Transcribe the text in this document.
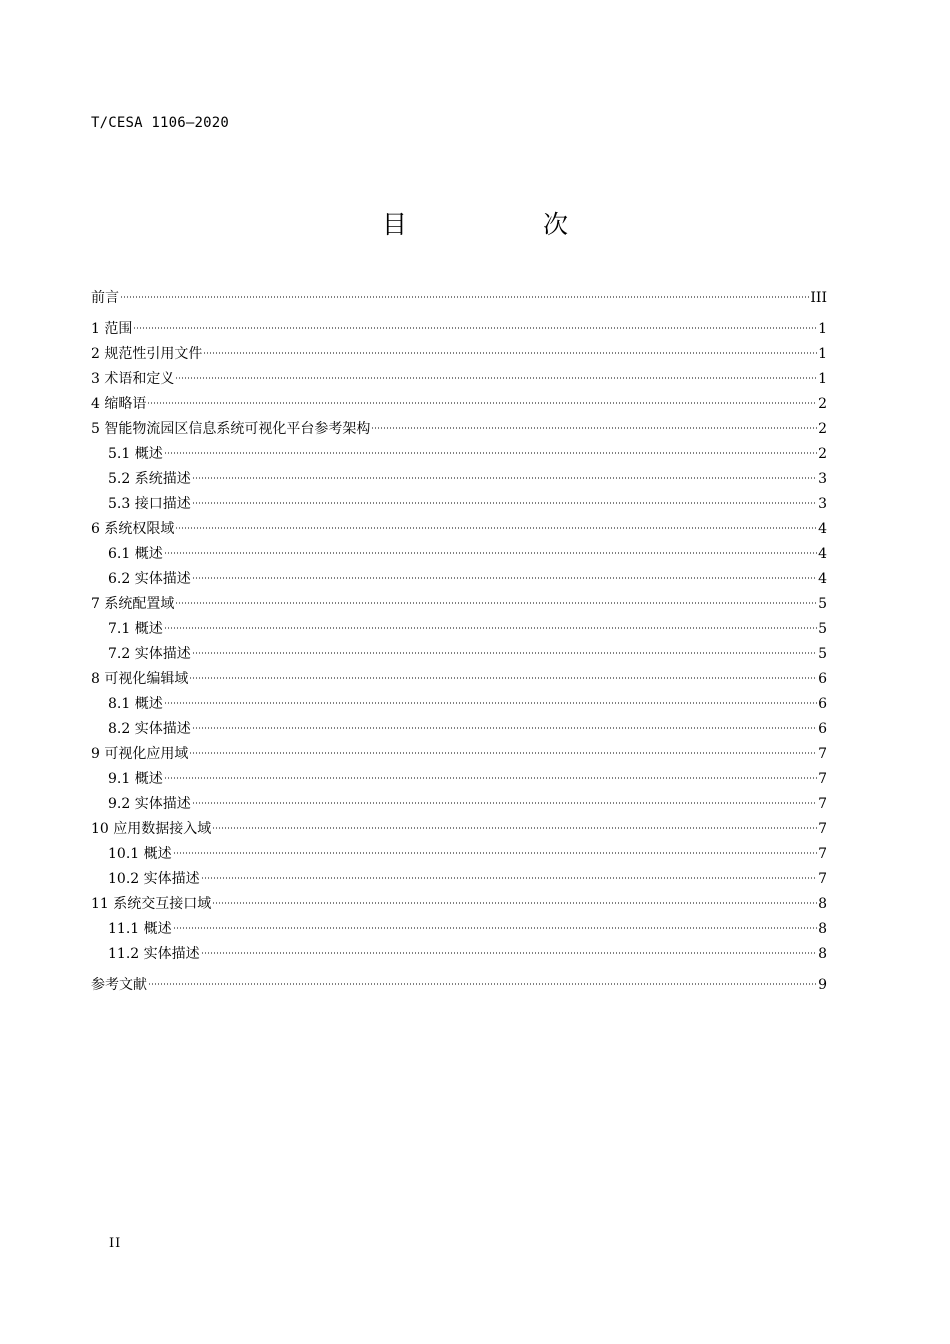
T/CESA 1106—2020
目 次
前言	III
1 范围	1
2 规范性引用文件	1
3 术语和定义	1
4 缩略语	2
5 智能物流园区信息系统可视化平台参考架构	2
5.1 概述	2
5.2 系统描述	3
5.3 接口描述	3
6 系统权限域	4
6.1 概述	4
6.2 实体描述	4
7 系统配置域	5
7.1 概述	5
7.2 实体描述	5
8 可视化编辑域	6
8.1 概述	6
8.2 实体描述	6
9 可视化应用域	7
9.1 概述	7
9.2 实体描述	7
10 应用数据接入域	7
10.1 概述	7
10.2 实体描述	7
11 系统交互接口域	8
11.1 概述	8
11.2 实体描述	8
参考文献	9
II
